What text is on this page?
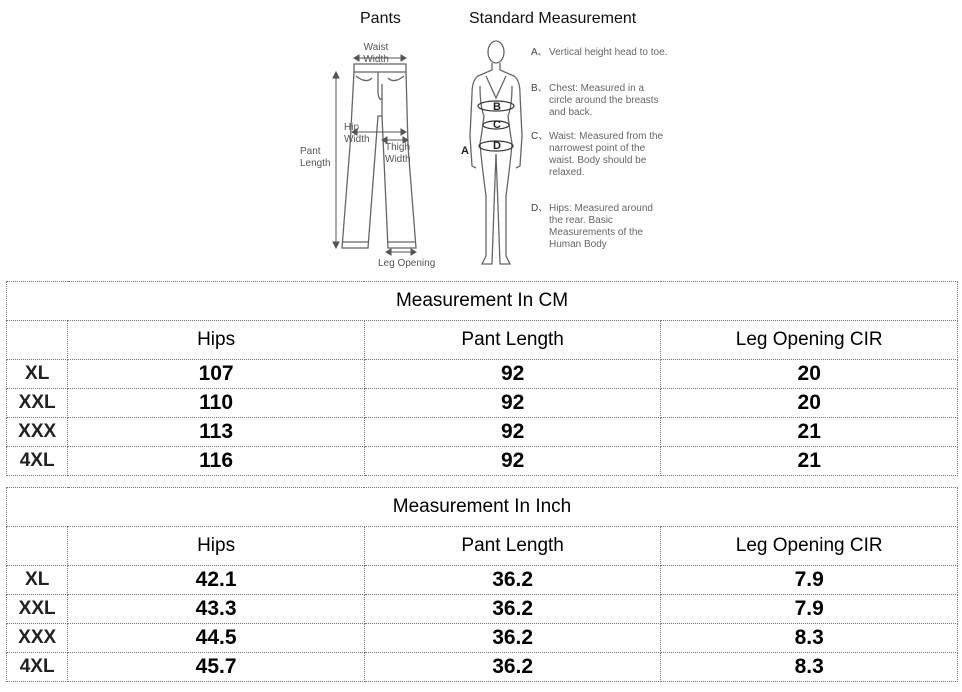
Pants	Standard Measurement
Waist Width
Hip Width
Thigh Width
Pant Length
Leg Opening
B
C
D
A
A、 Vertical height head to toe.
B、 Chest: Measured in a circle around the breasts and back.
C、 Waist: Measured from the narrowest point of the waist. Body should be relaxed.
D、 Hips: Measured around the rear. Basic Measurements of the Human Body
Measurement In CM			
	Hips	Pant Length	Leg Opening CIR
XL	107	92	20
XXL	110	92	20
XXX	113	92	21
4XL	116	92	21
Measurement In Inch			
	Hips	Pant Length	Leg Opening CIR
XL	42.1	36.2	7.9
XXL	43.3	36.2	7.9
XXX	44.5	36.2	8.3
4XL	45.7	36.2	8.3
